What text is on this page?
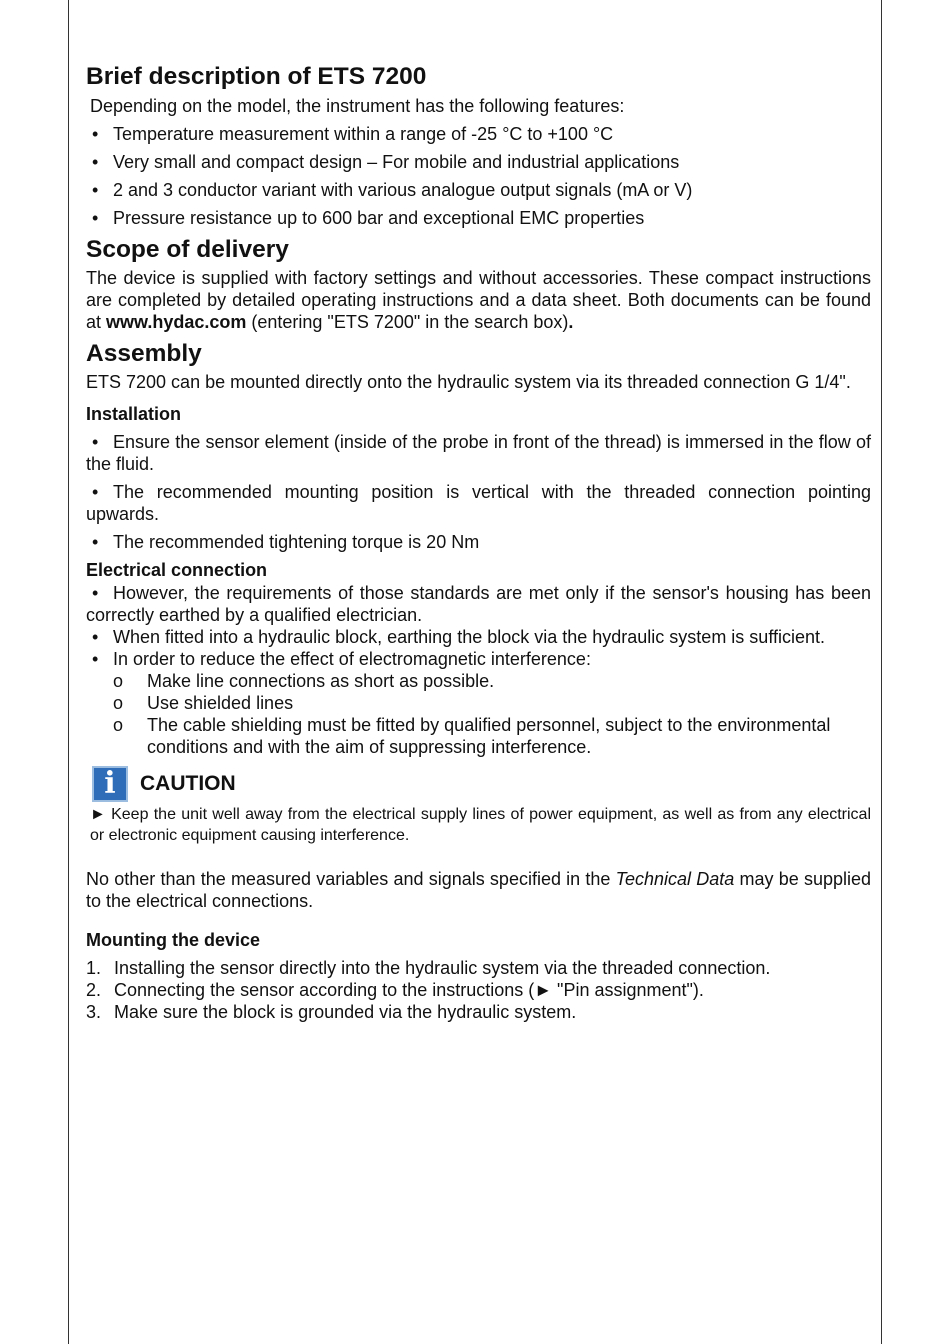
Brief description of ETS 7200

Depending on the model, the instrument has the following features:

• Temperature measurement within a range of -25 °C to +100 °C
• Very small and compact design – For mobile and industrial applications
• 2 and 3 conductor variant with various analogue output signals (mA or V)
• Pressure resistance up to 600 bar and exceptional EMC properties
Scope of delivery

The device is supplied with factory settings and without accessories. These compact instructions are completed by detailed operating instructions and a data sheet. Both documents can be found at www.hydac.com (entering "ETS 7200" in the search box).

Assembly

ETS 7200 can be mounted directly onto the hydraulic system via its threaded connection G 1/4".

Installation
• Ensure the sensor element (inside of the probe in front of the thread) is immersed in the flow of the fluid.
• The recommended mounting position is vertical with the threaded connection pointing upwards.
• The recommended tightening torque is 20 Nm
Electrical connection
• However, the requirements of those standards are met only if the sensor's housing has been correctly earthed by a qualified electrician.
• When fitted into a hydraulic block, earthing the block via the hydraulic system is sufficient.
• In order to reduce the effect of electromagnetic interference:
o Make line connections as short as possible.
o Use shielded lines
o The cable shielding must be fitted by qualified personnel, subject to the environmental conditions and with the aim of suppressing interference.
i CAUTION

► Keep the unit well away from the electrical supply lines of power equipment, as well as from any electrical or electronic equipment causing interference.

No other than the measured variables and signals specified in the Technical Data may be supplied to the electrical connections.

Mounting the device
1. Installing the sensor directly into the hydraulic system via the threaded connection.
2. Connecting the sensor according to the instructions (► "Pin assignment").
3. Make sure the block is grounded via the hydraulic system.
